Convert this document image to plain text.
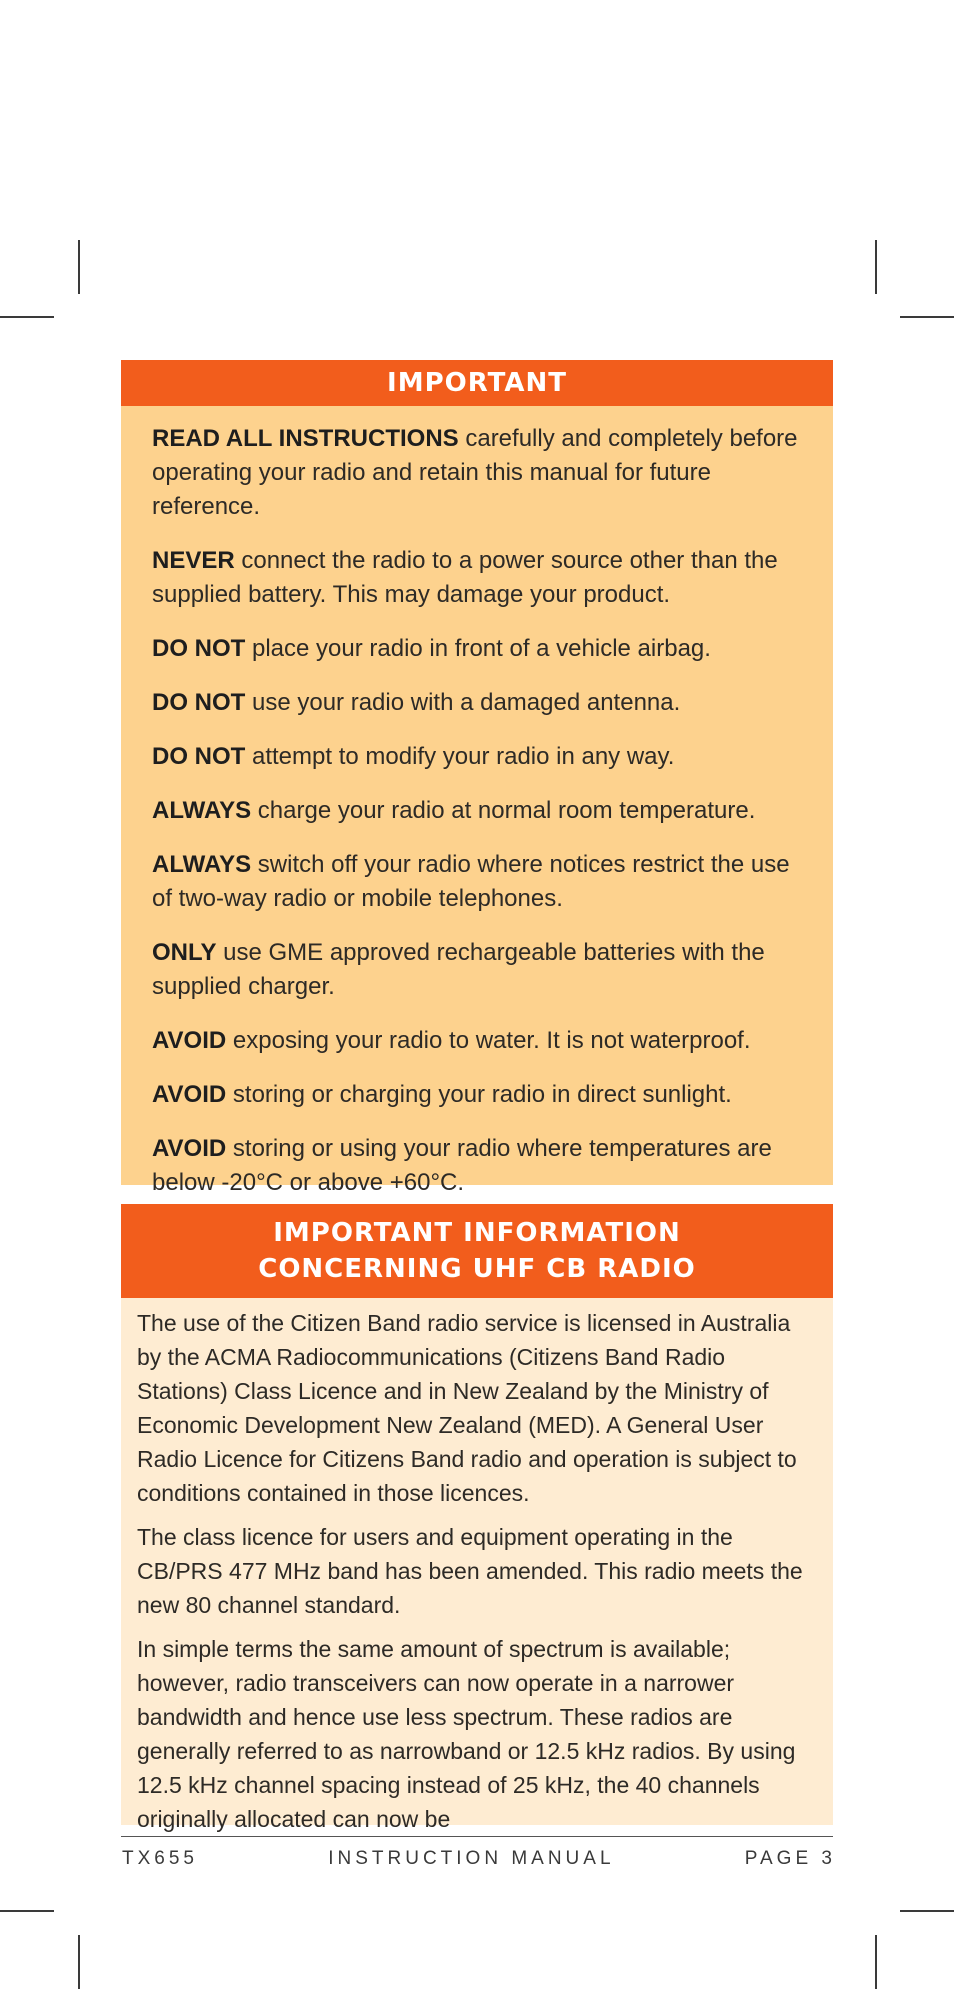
IMPORTANT

READ ALL INSTRUCTIONS carefully and completely before operating your radio and retain this manual for future reference.

NEVER connect the radio to a power source other than the supplied battery. This may damage your product.

DO NOT place your radio in front of a vehicle airbag.

DO NOT use your radio with a damaged antenna.

DO NOT attempt to modify your radio in any way.

ALWAYS charge your radio at normal room temperature.

ALWAYS switch off your radio where notices restrict the use of two-way radio or mobile telephones.

ONLY use GME approved rechargeable batteries with the supplied charger.

AVOID exposing your radio to water. It is not waterproof.

AVOID storing or charging your radio in direct sunlight.

AVOID storing or using your radio where temperatures are below -20°C or above +60°C.

IMPORTANT INFORMATION
CONCERNING UHF CB RADIO

The use of the Citizen Band radio service is licensed in Australia by the ACMA Radiocommunications (Citizens Band Radio Stations) Class Licence and in New Zealand by the Ministry of Economic Development New Zealand (MED). A General User Radio Licence for Citizens Band radio and operation is subject to conditions contained in those licences.

The class licence for users and equipment operating in the CB/PRS 477 MHz band has been amended. This radio meets the new 80 channel standard.

In simple terms the same amount of spectrum is available; however, radio transceivers can now operate in a narrower bandwidth and hence use less spectrum. These radios are generally referred to as narrowband or 12.5 kHz radios. By using 12.5 kHz channel spacing instead of 25 kHz, the 40 channels originally allocated can now be

TX655	INSTRUCTION MANUAL	PAGE 3
